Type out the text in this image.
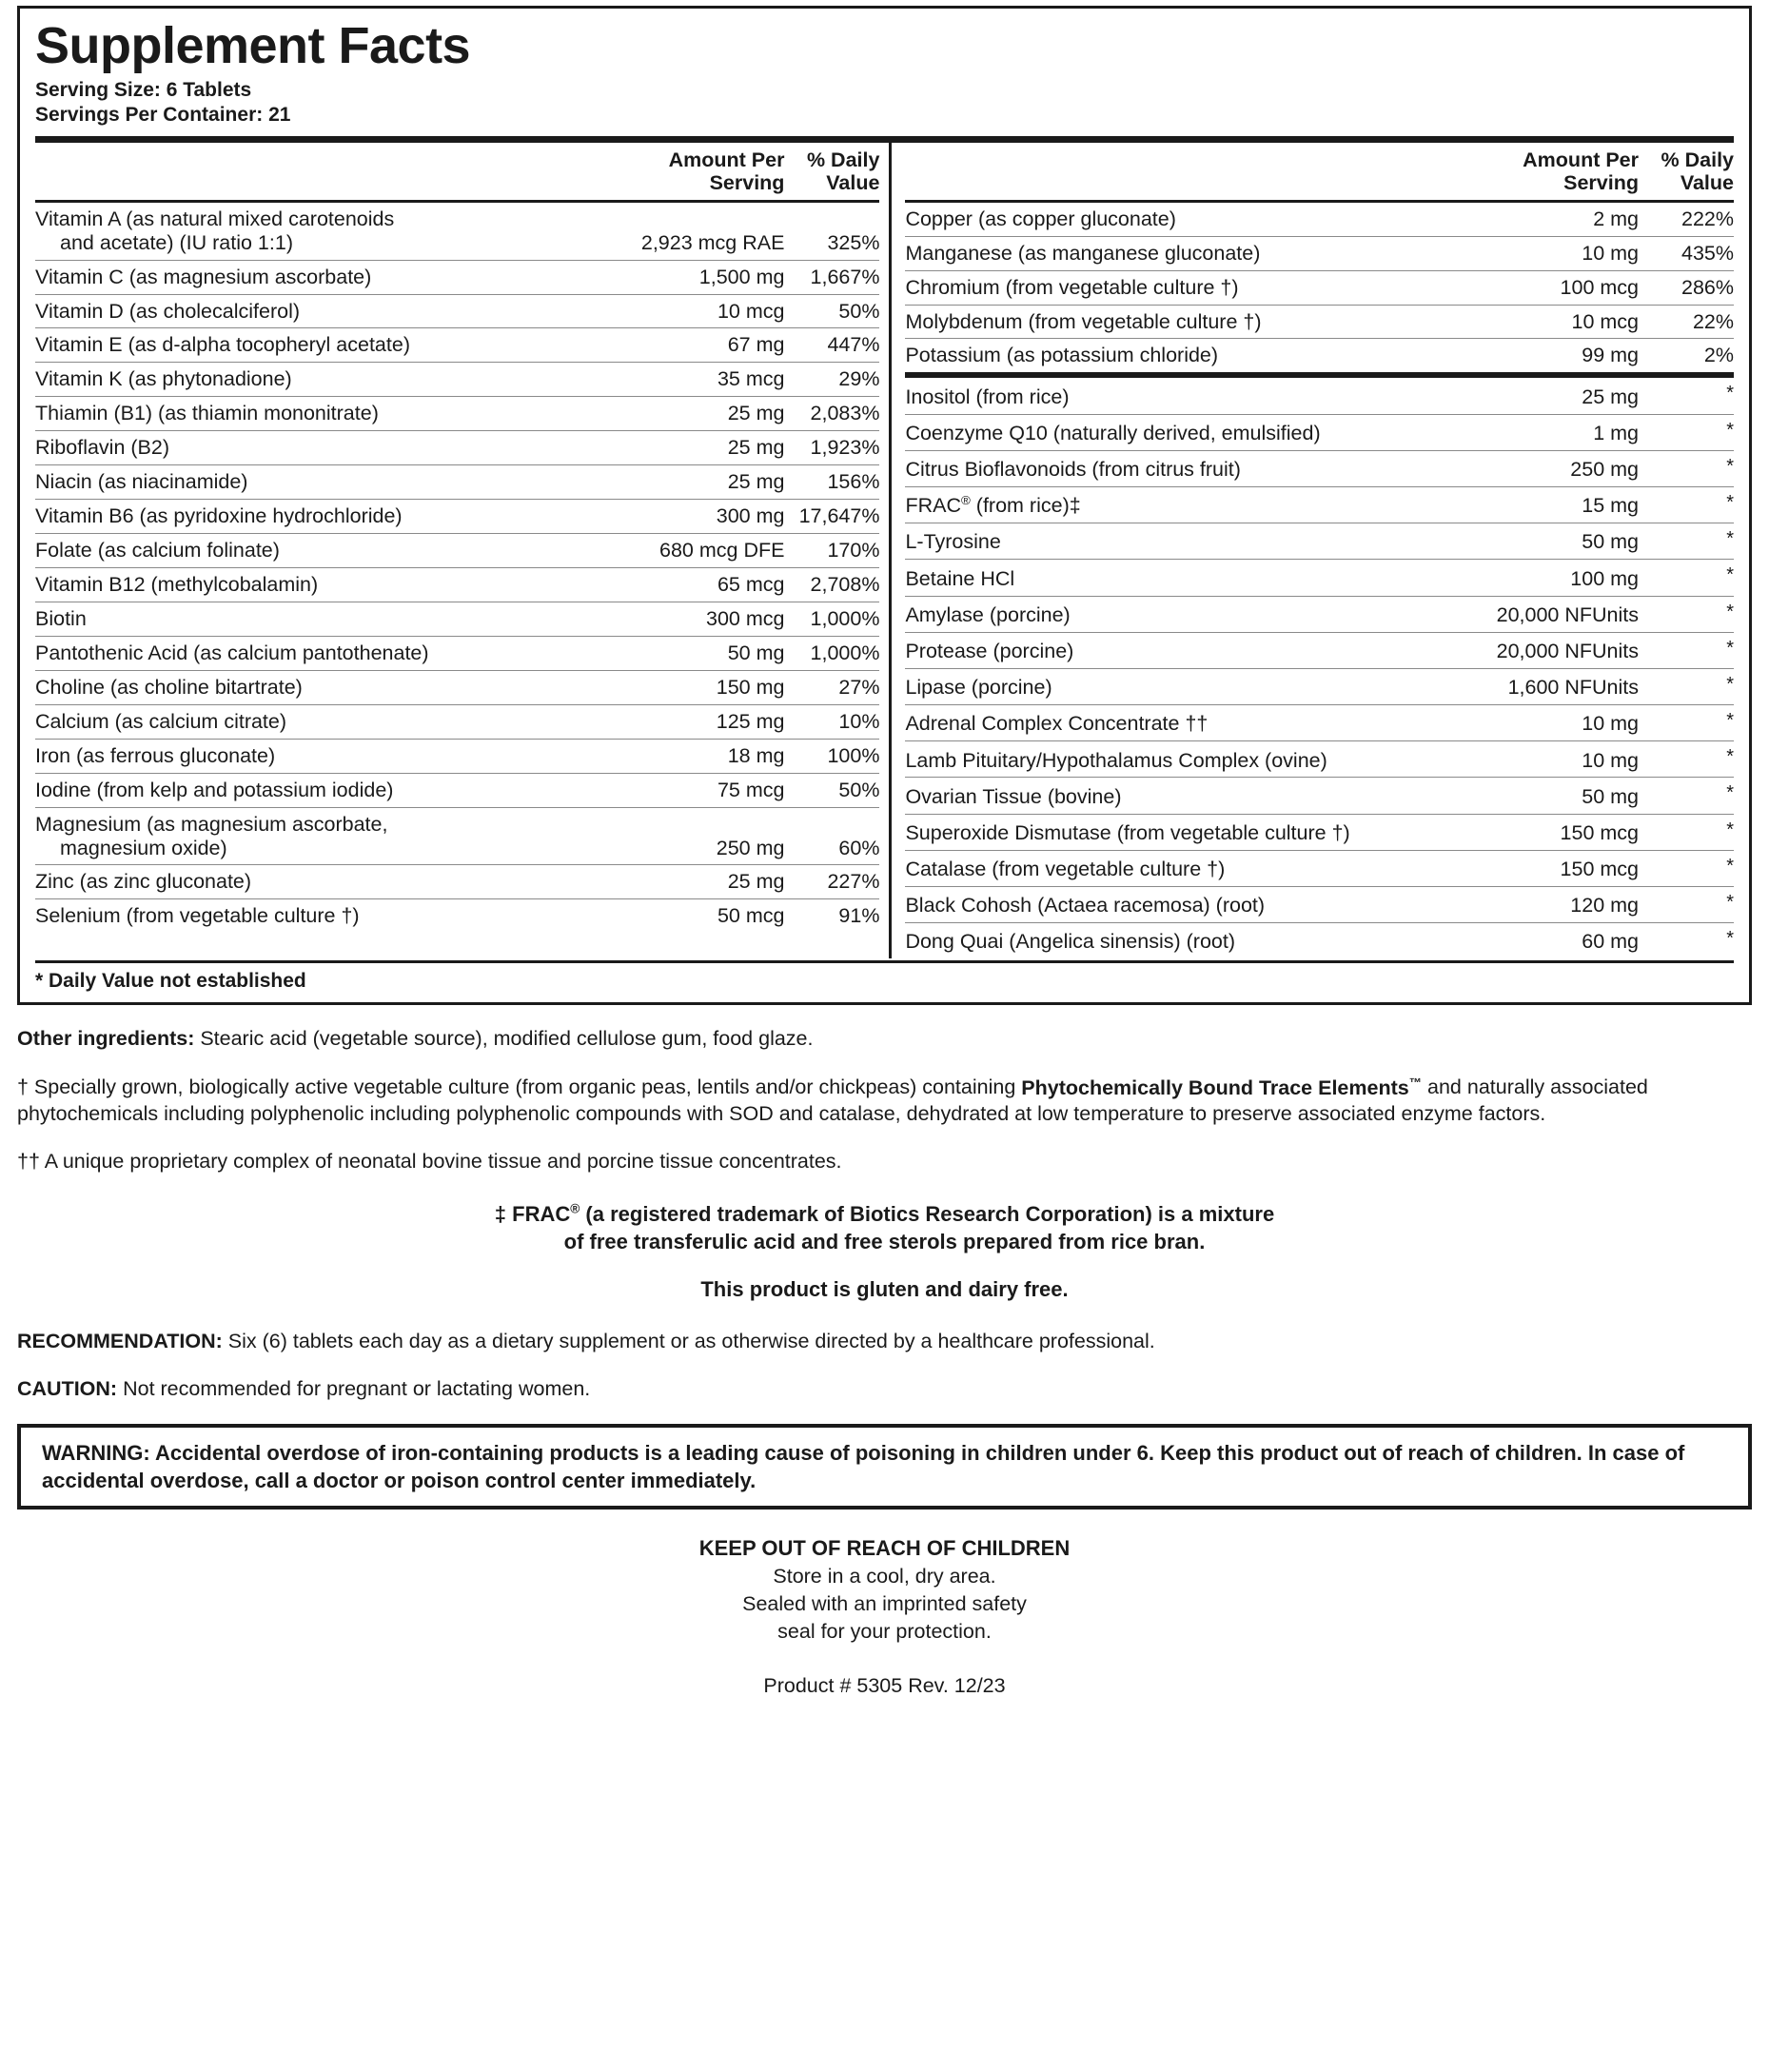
Supplement Facts
Serving Size: 6 Tablets
Servings Per Container: 21
	Amount Per
Serving	% Daily
Value
Vitamin A (as natural mixed carotenoids
and acetate) (IU ratio 1:1)	2,923 mcg RAE	325%
Vitamin C (as magnesium ascorbate)	1,500 mg	1,667%
Vitamin D (as cholecalciferol)	10 mcg	50%
Vitamin E (as d-alpha tocopheryl acetate)	67 mg	447%
Vitamin K (as phytonadione)	35 mcg	29%
Thiamin (B1) (as thiamin mononitrate)	25 mg	2,083%
Riboflavin (B2)	25 mg	1,923%
Niacin (as niacinamide)	25 mg	156%
Vitamin B6 (as pyridoxine hydrochloride)	300 mg	17,647%
Folate (as calcium folinate)	680 mcg DFE	170%
Vitamin B12 (methylcobalamin)	65 mcg	2,708%
Biotin	300 mcg	1,000%
Pantothenic Acid (as calcium pantothenate)	50 mg	1,000%
Choline (as choline bitartrate)	150 mg	27%
Calcium (as calcium citrate)	125 mg	10%
Iron (as ferrous gluconate)	18 mg	100%
Iodine (from kelp and potassium iodide)	75 mcg	50%
Magnesium (as magnesium ascorbate,
magnesium oxide)	250 mg	60%
Zinc (as zinc gluconate)	25 mg	227%
Selenium (from vegetable culture †)	50 mcg	91%
	Amount Per
Serving	% Daily
Value
Copper (as copper gluconate)	2 mg	222%
Manganese (as manganese gluconate)	10 mg	435%
Chromium (from vegetable culture †)	100 mcg	286%
Molybdenum (from vegetable culture †)	10 mcg	22%
Potassium (as potassium chloride)	99 mg	2%
Inositol (from rice)	25 mg	*
Coenzyme Q10 (naturally derived, emulsified)	1 mg	*
Citrus Bioflavonoids (from citrus fruit)	250 mg	*
FRAC® (from rice)‡	15 mg	*
L-Tyrosine	50 mg	*
Betaine HCl	100 mg	*
Amylase (porcine)	20,000 NFUnits	*
Protease (porcine)	20,000 NFUnits	*
Lipase (porcine)	1,600 NFUnits	*
Adrenal Complex Concentrate ††	10 mg	*
Lamb Pituitary/Hypothalamus Complex (ovine)	10 mg	*
Ovarian Tissue (bovine)	50 mg	*
Superoxide Dismutase (from vegetable culture †)	150 mcg	*
Catalase (from vegetable culture †)	150 mcg	*
Black Cohosh (Actaea racemosa) (root)	120 mg	*
Dong Quai (Angelica sinensis) (root)	60 mg	*
* Daily Value not established

Other ingredients: Stearic acid (vegetable source), modified cellulose gum, food glaze.

† Specially grown, biologically active vegetable culture (from organic peas, lentils and/or chickpeas) containing Phytochemically Bound Trace Elements™ and naturally associated phytochemicals including polyphenolic including polyphenolic compounds with SOD and catalase, dehydrated at low temperature to preserve associated enzyme factors.

†† A unique proprietary complex of neonatal bovine tissue and porcine tissue concentrates.

‡ FRAC® (a registered trademark of Biotics Research Corporation) is a mixture
of free transferulic acid and free sterols prepared from rice bran.
This product is gluten and dairy free.

RECOMMENDATION: Six (6) tablets each day as a dietary supplement or as otherwise directed by a healthcare professional.

CAUTION: Not recommended for pregnant or lactating women.

WARNING: Accidental overdose of iron-containing products is a leading cause of poisoning in children under 6. Keep this product out of reach of children. In case of accidental overdose, call a doctor or poison control center immediately.
KEEP OUT OF REACH OF CHILDREN
Store in a cool, dry area.
Sealed with an imprinted safety
seal for your protection.
Product # 5305 Rev. 12/23
